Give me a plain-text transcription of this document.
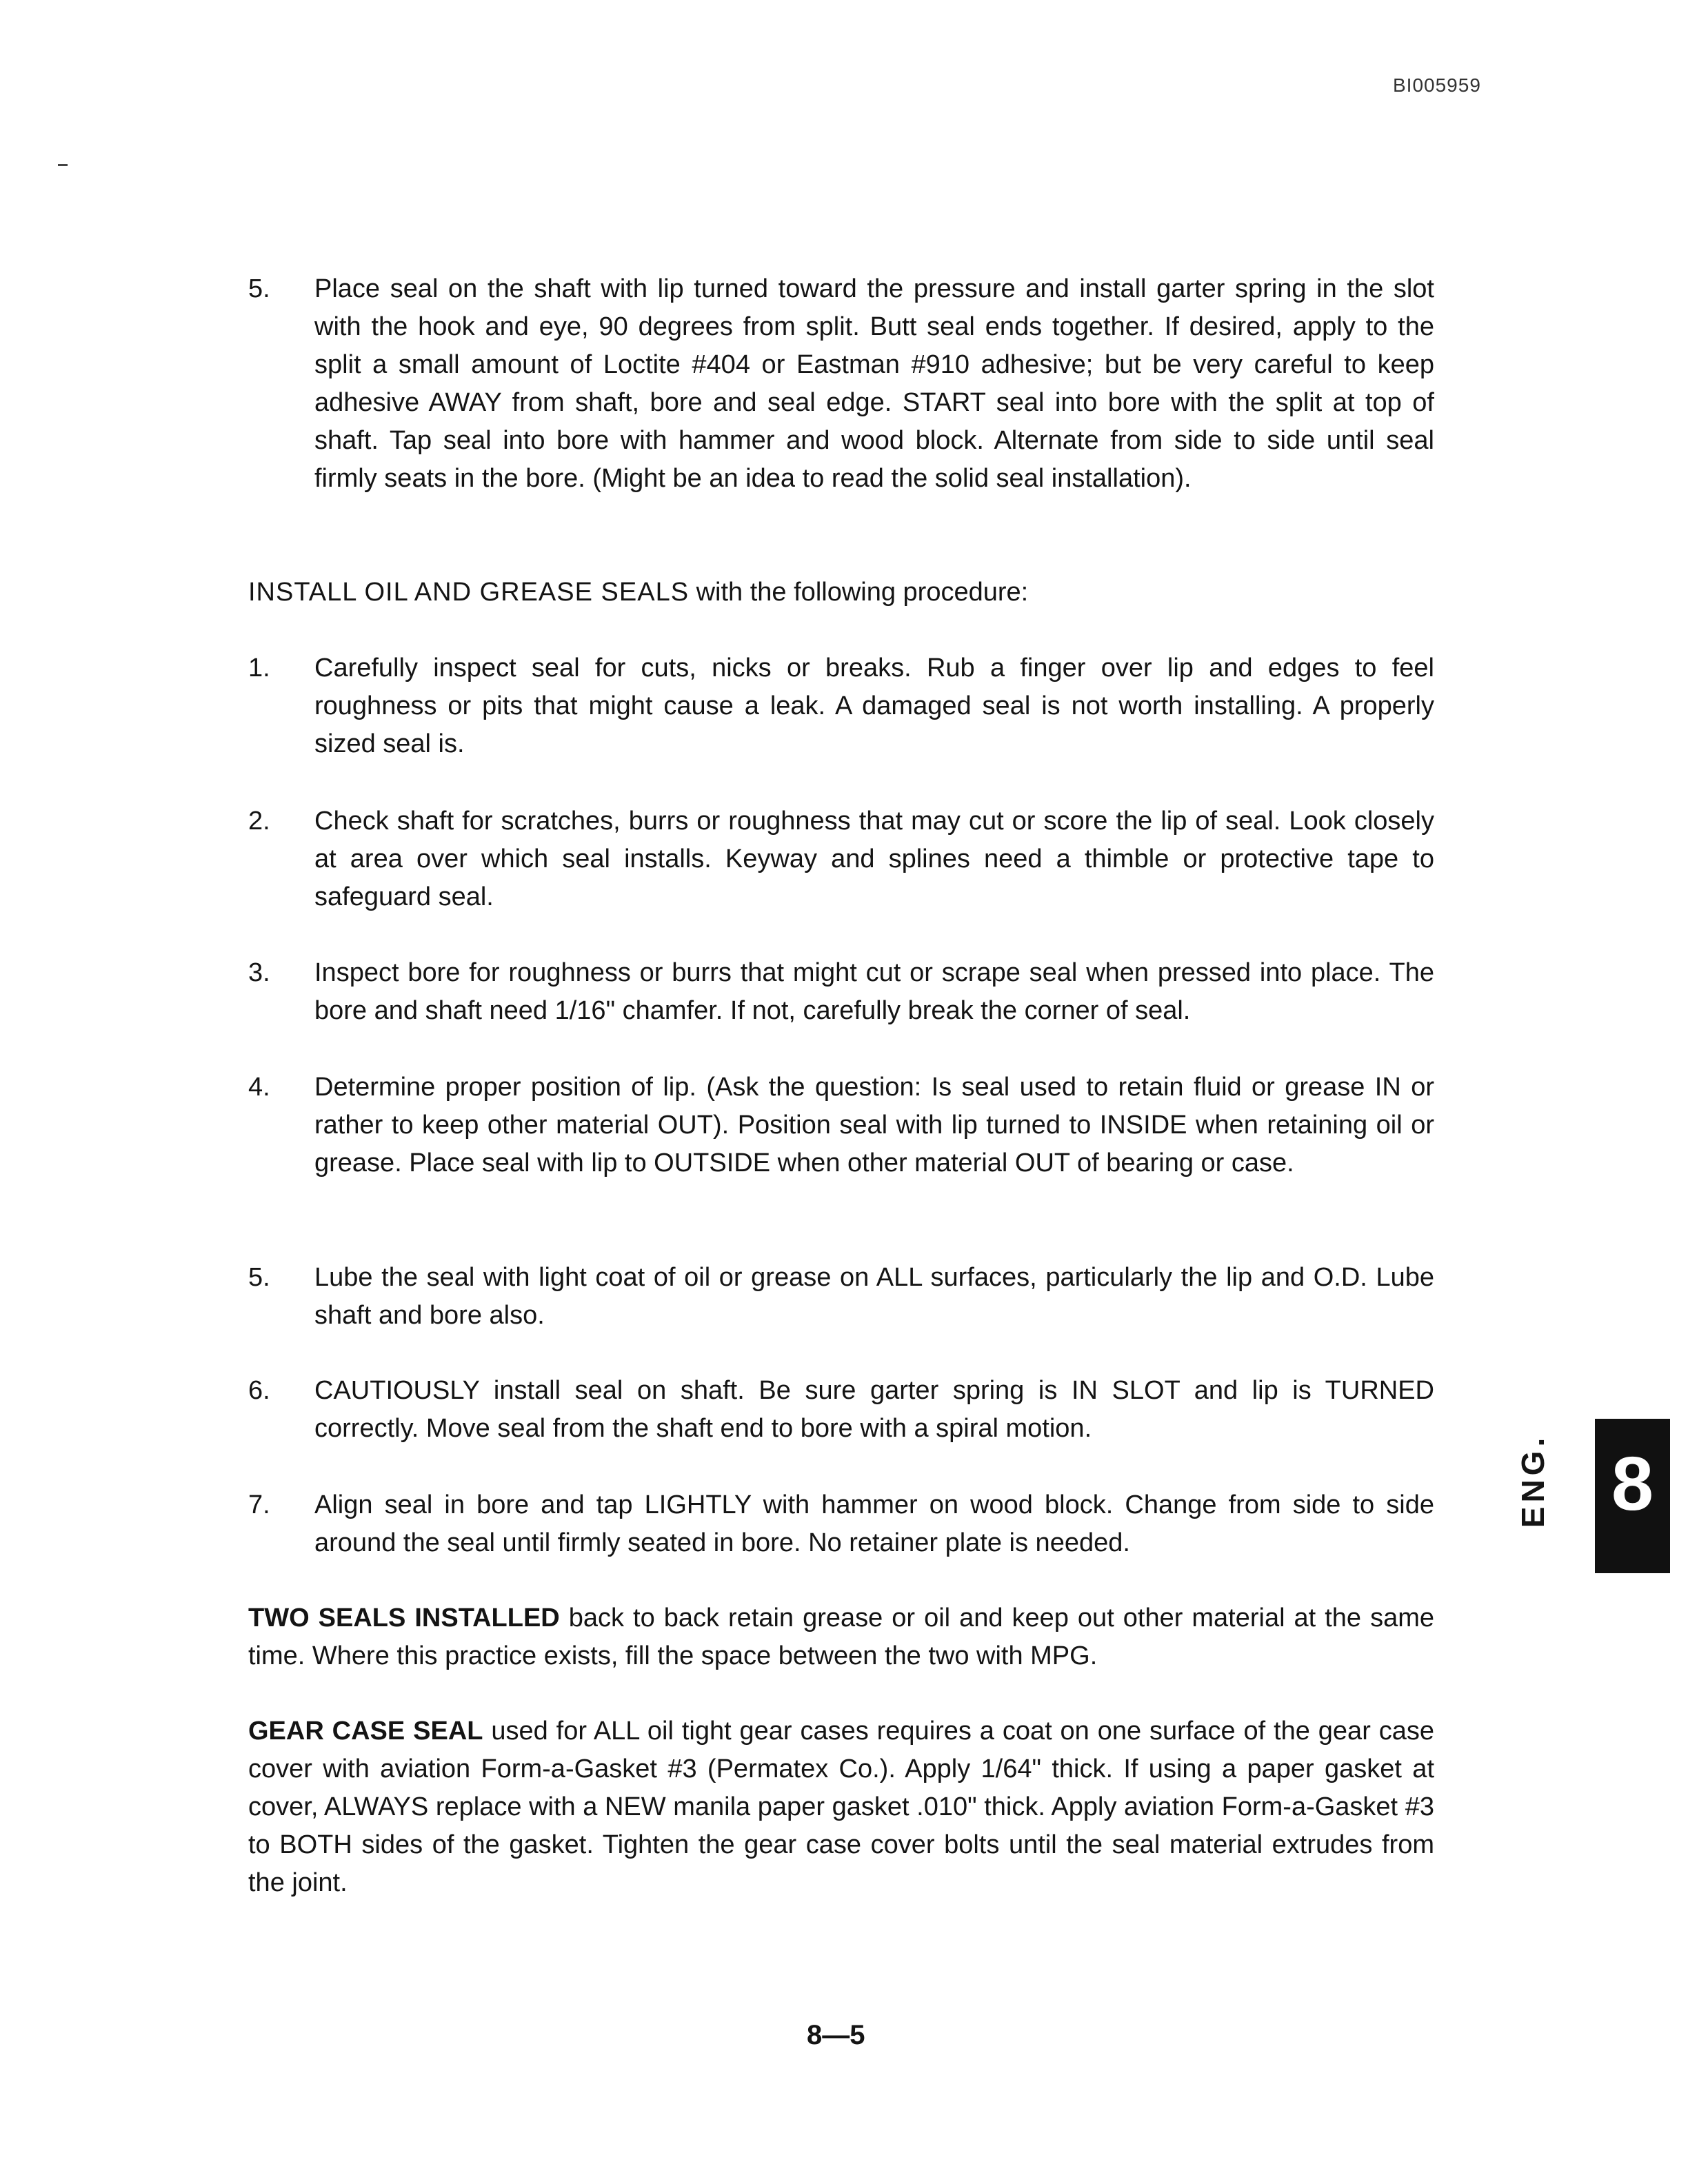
BI005959
5.	Place seal on the shaft with lip turned toward the pressure and install garter spring in the slot with the hook and eye, 90 degrees from split. Butt seal ends together. If desired, apply to the split a small amount of Loctite #404 or Eastman #910 adhesive; but be very careful to keep adhesive AWAY from shaft, bore and seal edge. START seal into bore with the split at top of shaft. Tap seal into bore with hammer and wood block. Alternate from side to side until seal firmly seats in the bore. (Might be an idea to read the solid seal installation).
INSTALL OIL AND GREASE SEALS with the following procedure:
1.	Carefully inspect seal for cuts, nicks or breaks. Rub a finger over lip and edges to feel roughness or pits that might cause a leak. A damaged seal is not worth installing. A properly sized seal is.
2.	Check shaft for scratches, burrs or roughness that may cut or score the lip of seal. Look closely at area over which seal installs. Keyway and splines need a thimble or protective tape to safeguard seal.
3.	Inspect bore for roughness or burrs that might cut or scrape seal when pressed into place. The bore and shaft need 1/16" chamfer. If not, carefully break the corner of seal.
4.	Determine proper position of lip. (Ask the question: Is seal used to retain fluid or grease IN or rather to keep other material OUT). Position seal with lip turned to INSIDE when retaining oil or grease. Place seal with lip to OUTSIDE when other material OUT of bearing or case.
5.	Lube the seal with light coat of oil or grease on ALL surfaces, particularly the lip and O.D. Lube shaft and bore also.
6.	CAUTIOUSLY install seal on shaft. Be sure garter spring is IN SLOT and lip is TURNED correctly. Move seal from the shaft end to bore with a spiral motion.
7.	Align seal in bore and tap LIGHTLY with hammer on wood block. Change from side to side around the seal until firmly seated in bore. No retainer plate is needed.
TWO SEALS INSTALLED back to back retain grease or oil and keep out other material at the same time. Where this practice exists, fill the space between the two with MPG.
GEAR CASE SEAL used for ALL oil tight gear cases requires a coat on one surface of the gear case cover with aviation Form-a-Gasket #3 (Permatex Co.). Apply 1/64" thick. If using a paper gasket at cover, ALWAYS replace with a NEW manila paper gasket .010" thick. Apply aviation Form-a-Gasket #3 to BOTH sides of the gasket. Tighten the gear case cover bolts until the seal material extrudes from the joint.
8—5
8
ENG.
